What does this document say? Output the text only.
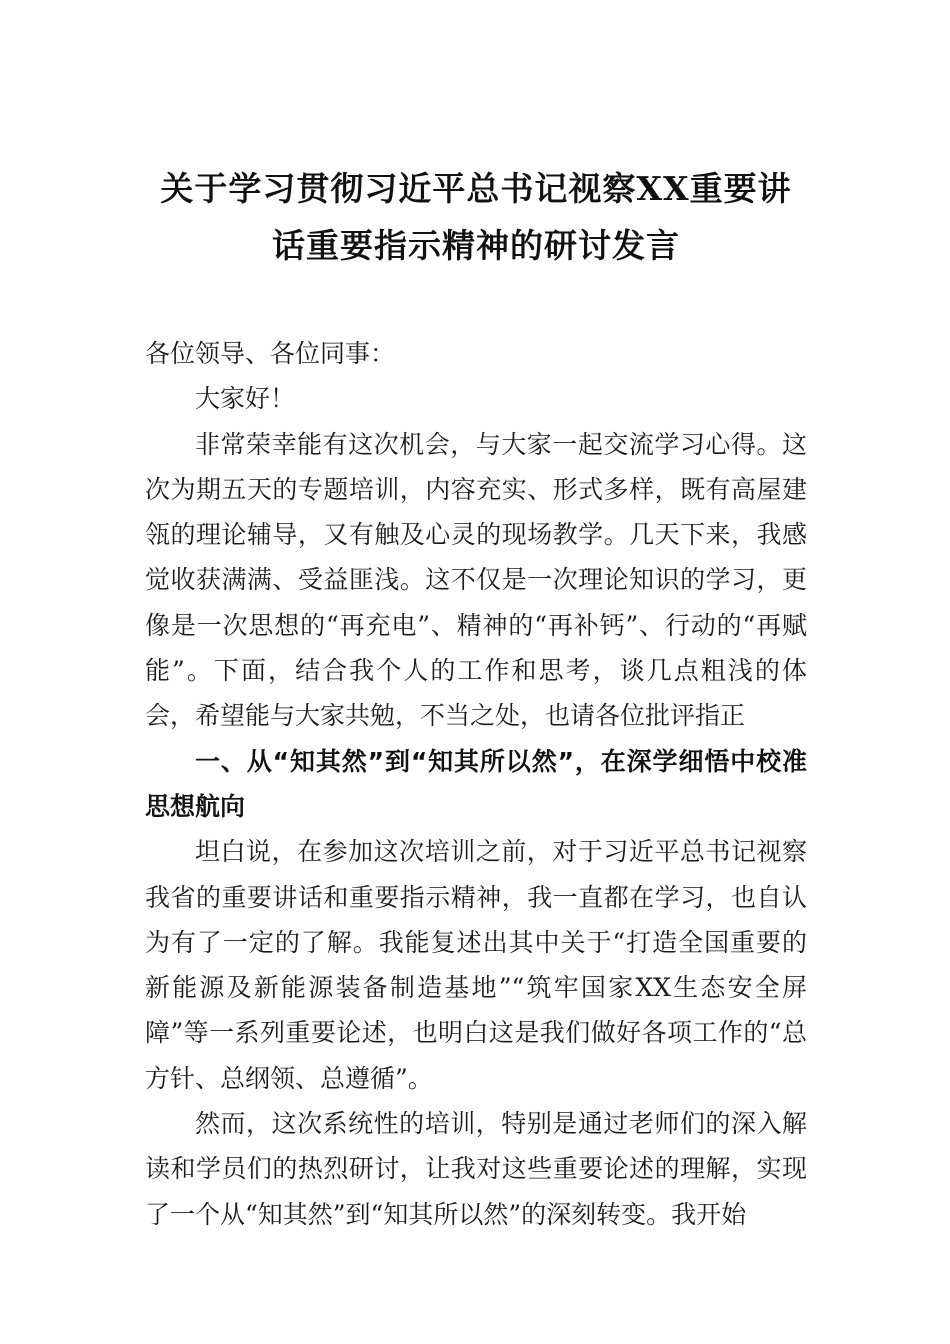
关于学习贯彻习近平总书记视察XX重要讲话重要指示精神的研讨发言

各位领导、各位同事：

大家好！

非常荣幸能有这次机会，与大家一起交流学习心得。这次为期五天的专题培训，内容充实、形式多样，既有高屋建瓴的理论辅导，又有触及心灵的现场教学。几天下来，我感觉收获满满、受益匪浅。这不仅是一次理论知识的学习，更像是一次思想的“再充电”、精神的“再补钙”、行动的“再赋能”。下面，结合我个人的工作和思考，谈几点粗浅的体会，希望能与大家共勉，不当之处，也请各位批评指正

一、从“知其然”到“知其所以然”，在深学细悟中校准思想航向

坦白说，在参加这次培训之前，对于习近平总书记视察我省的重要讲话和重要指示精神，我一直都在学习，也自认为有了一定的了解。我能复述出其中关于“打造全国重要的新能源及新能源装备制造基地”“筑牢国家XX生态安全屏障”等一系列重要论述，也明白这是我们做好各项工作的“总方针、总纲领、总遵循”。

然而，这次系统性的培训，特别是通过老师们的深入解读和学员们的热烈研讨，让我对这些重要论述的理解，实现了一个从“知其然”到“知其所以然”的深刻转变。我开始
